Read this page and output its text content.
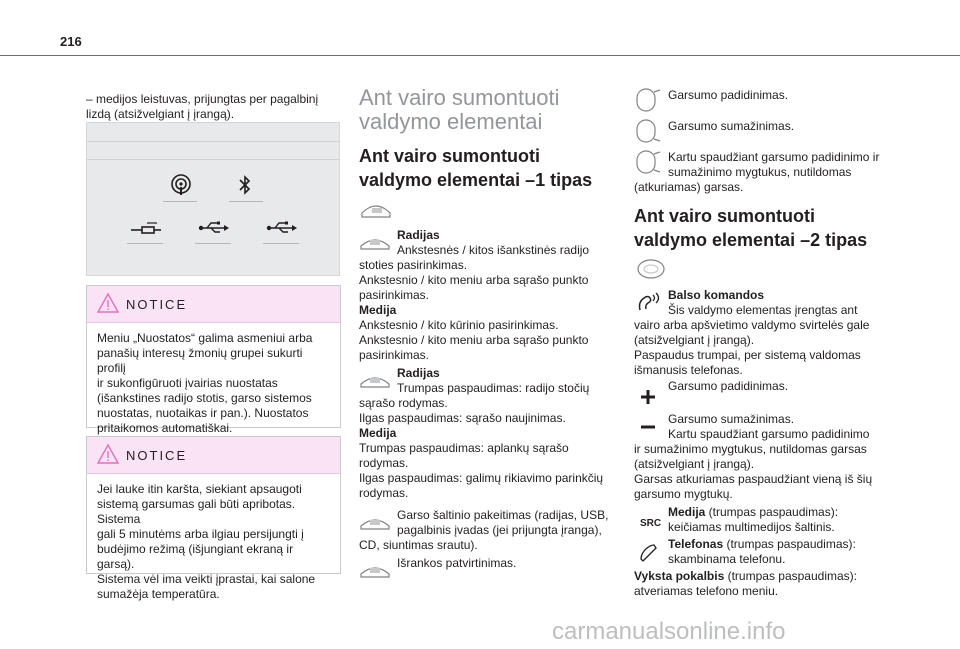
216
– medijos leistuvas, prijungtas per pagalbinį
lizdą (atsižvelgiant į įrangą).
NOTICE
Meniu „Nuostatos“ galima asmeniui arba
panašių interesų žmonių grupei sukurti profilį
ir sukonfigūruoti įvairias nuostatas
(išankstines radijo stotis, garso sistemos
nuostatas, nuotaikas ir pan.). Nuostatos
pritaikomos automatiškai.
NOTICE
Jei lauke itin karšta, siekiant apsaugoti
sistemą garsumas gali būti apribotas. Sistema
gali 5 minutėms arba ilgiau persijungti į
budėjimo režimą (išjungiant ekraną ir garsą).
Sistema vėl ima veikti įprastai, kai salone
sumažėja temperatūra.
Ant vairo sumontuoti
valdymo elementai
Ant vairo sumontuoti
valdymo elementai –1 tipas
Radijas
Ankstesnės / kitos išankstinės radijo
stoties pasirinkimas.
Ankstesnio / kito meniu arba sąrašo punkto
pasirinkimas.
Medija
Ankstesnio / kito kūrinio pasirinkimas.
Ankstesnio / kito meniu arba sąrašo punkto
pasirinkimas.
Radijas
Trumpas paspaudimas: radijo stočių
sąrašo rodymas.
Ilgas paspaudimas: sąrašo naujinimas.
Medija
Trumpas paspaudimas: aplankų sąrašo
rodymas.
Ilgas paspaudimas: galimų rikiavimo parinkčių
rodymas.
Garso šaltinio pakeitimas (radijas, USB,
pagalbinis įvadas (jei prijungta įranga),
CD, siuntimas srautu).
Išrankos patvirtinimas.
Garsumo padidinimas.
Garsumo sumažinimas.
Kartu spaudžiant garsumo padidinimo ir
sumažinimo mygtukus, nutildomas
(atkuriamas) garsas.
Ant vairo sumontuoti
valdymo elementai –2 tipas
Balso komandos
Šis valdymo elementas įrengtas ant
vairo arba apšvietimo valdymo svirtelės gale
(atsižvelgiant į įrangą).
Paspaudus trumpai, per sistemą valdomas
išmanusis telefonas.
Garsumo padidinimas.
Garsumo sumažinimas.
Kartu spaudžiant garsumo padidinimo
ir sumažinimo mygtukus, nutildomas garsas
(atsižvelgiant į įrangą).
Garsas atkuriamas paspaudžiant vieną iš šių
garsumo mygtukų.
SRC
Medija (trumpas paspaudimas):
keičiamas multimedijos šaltinis.
Telefonas (trumpas paspaudimas):
skambinama telefonu.
Vyksta pokalbis (trumpas paspaudimas):
atveriamas telefono meniu.
carmanualsonline.info
